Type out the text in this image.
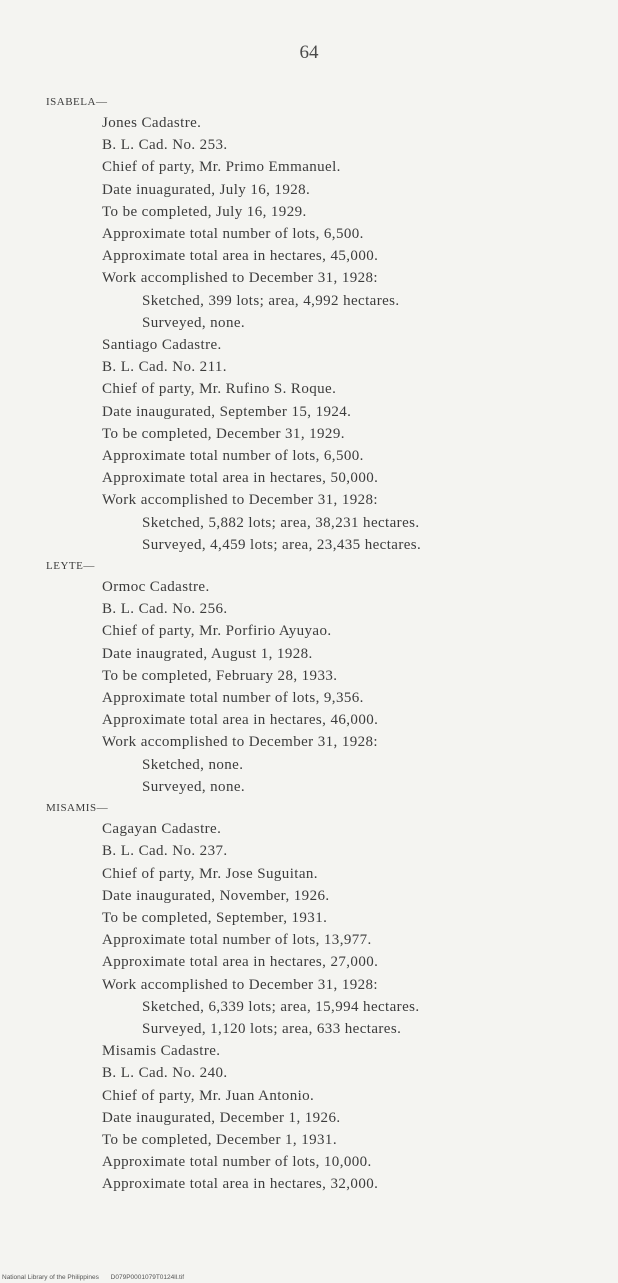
64
ISABELA—
Jones Cadastre.
B. L. Cad. No. 253.
Chief of party, Mr. Primo Emmanuel.
Date inuagurated, July 16, 1928.
To be completed, July 16, 1929.
Approximate total number of lots, 6,500.
Approximate total area in hectares, 45,000.
Work accomplished to December 31, 1928:
Sketched, 399 lots; area, 4,992 hectares.
Surveyed, none.
Santiago Cadastre.
B. L. Cad. No. 211.
Chief of party, Mr. Rufino S. Roque.
Date inaugurated, September 15, 1924.
To be completed, December 31, 1929.
Approximate total number of lots, 6,500.
Approximate total area in hectares, 50,000.
Work accomplished to December 31, 1928:
Sketched, 5,882 lots; area, 38,231 hectares.
Surveyed, 4,459 lots; area, 23,435 hectares.
LEYTE—
Ormoc Cadastre.
B. L. Cad. No. 256.
Chief of party, Mr. Porfirio Ayuyao.
Date inaugrated, August 1, 1928.
To be completed, February 28, 1933.
Approximate total number of lots, 9,356.
Approximate total area in hectares, 46,000.
Work accomplished to December 31, 1928:
Sketched, none.
Surveyed, none.
MISAMIS—
Cagayan Cadastre.
B. L. Cad. No. 237.
Chief of party, Mr. Jose Suguitan.
Date inaugurated, November, 1926.
To be completed, September, 1931.
Approximate total number of lots, 13,977.
Approximate total area in hectares, 27,000.
Work accomplished to December 31, 1928:
Sketched, 6,339 lots; area, 15,994 hectares.
Surveyed, 1,120 lots; area, 633 hectares.
Misamis Cadastre.
B. L. Cad. No. 240.
Chief of party, Mr. Juan Antonio.
Date inaugurated, December 1, 1926.
To be completed, December 1, 1931.
Approximate total number of lots, 10,000.
Approximate total area in hectares, 32,000.
National Library of the Philippines D079P0001079T0124ll.tif
